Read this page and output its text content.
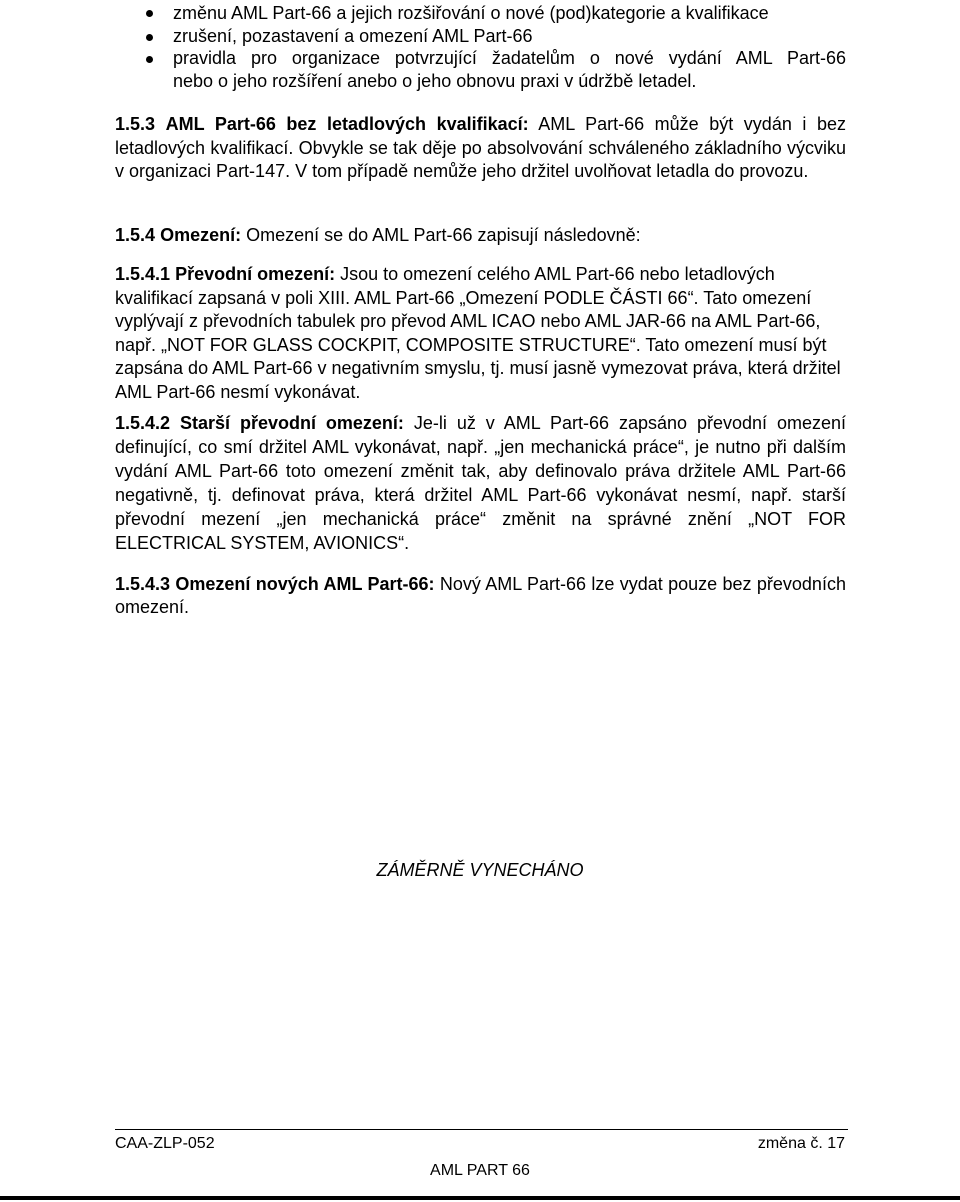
změnu AML Part-66 a jejich rozšiřování o nové (pod)kategorie a kvalifikace
zrušení, pozastavení a omezení AML Part-66
pravidla pro organizace potvrzující žadatelům o nové vydání AML Part-66
nebo o jeho rozšíření anebo o jeho obnovu praxi v údržbě letadel.
1.5.3 AML Part-66 bez letadlových kvalifikací: AML Part-66 může být vydán i bez letadlových kvalifikací. Obvykle se tak děje po absolvování schváleného základního výcviku v organizaci Part-147. V tom případě nemůže jeho držitel uvolňovat letadla do provozu.
1.5.4 Omezení: Omezení se do AML Part-66 zapisují následovně:
1.5.4.1 Převodní omezení: Jsou to omezení celého AML Part-66 nebo letadlových kvalifikací zapsaná v poli XIII. AML Part-66 „Omezení PODLE ČÁSTI 66“. Tato omezení vyplývají z převodních tabulek pro převod AML ICAO nebo AML JAR-66 na AML Part-66, např. „NOT FOR GLASS COCKPIT, COMPOSITE STRUCTURE“. Tato omezení musí být zapsána do AML Part-66 v negativním smyslu, tj. musí jasně vymezovat práva, která držitel AML Part-66 nesmí vykonávat.
1.5.4.2 Starší převodní omezení: Je-li už v AML Part-66 zapsáno převodní omezení definující, co smí držitel AML vykonávat, např. „jen mechanická práce“, je nutno při dalším vydání AML Part-66 toto omezení změnit tak, aby definovalo práva držitele AML Part-66 negativně, tj. definovat práva, která držitel AML Part-66 vykonávat nesmí, např. starší převodní mezení „jen mechanická práce“ změnit na správné znění „NOT FOR ELECTRICAL SYSTEM, AVIONICS“.
1.5.4.3 Omezení nových AML Part-66: Nový AML Part-66 lze vydat pouze bez převodních omezení.
ZÁMĚRNĚ VYNECHÁNO
CAA-ZLP-052	změna č. 17
AML PART 66
